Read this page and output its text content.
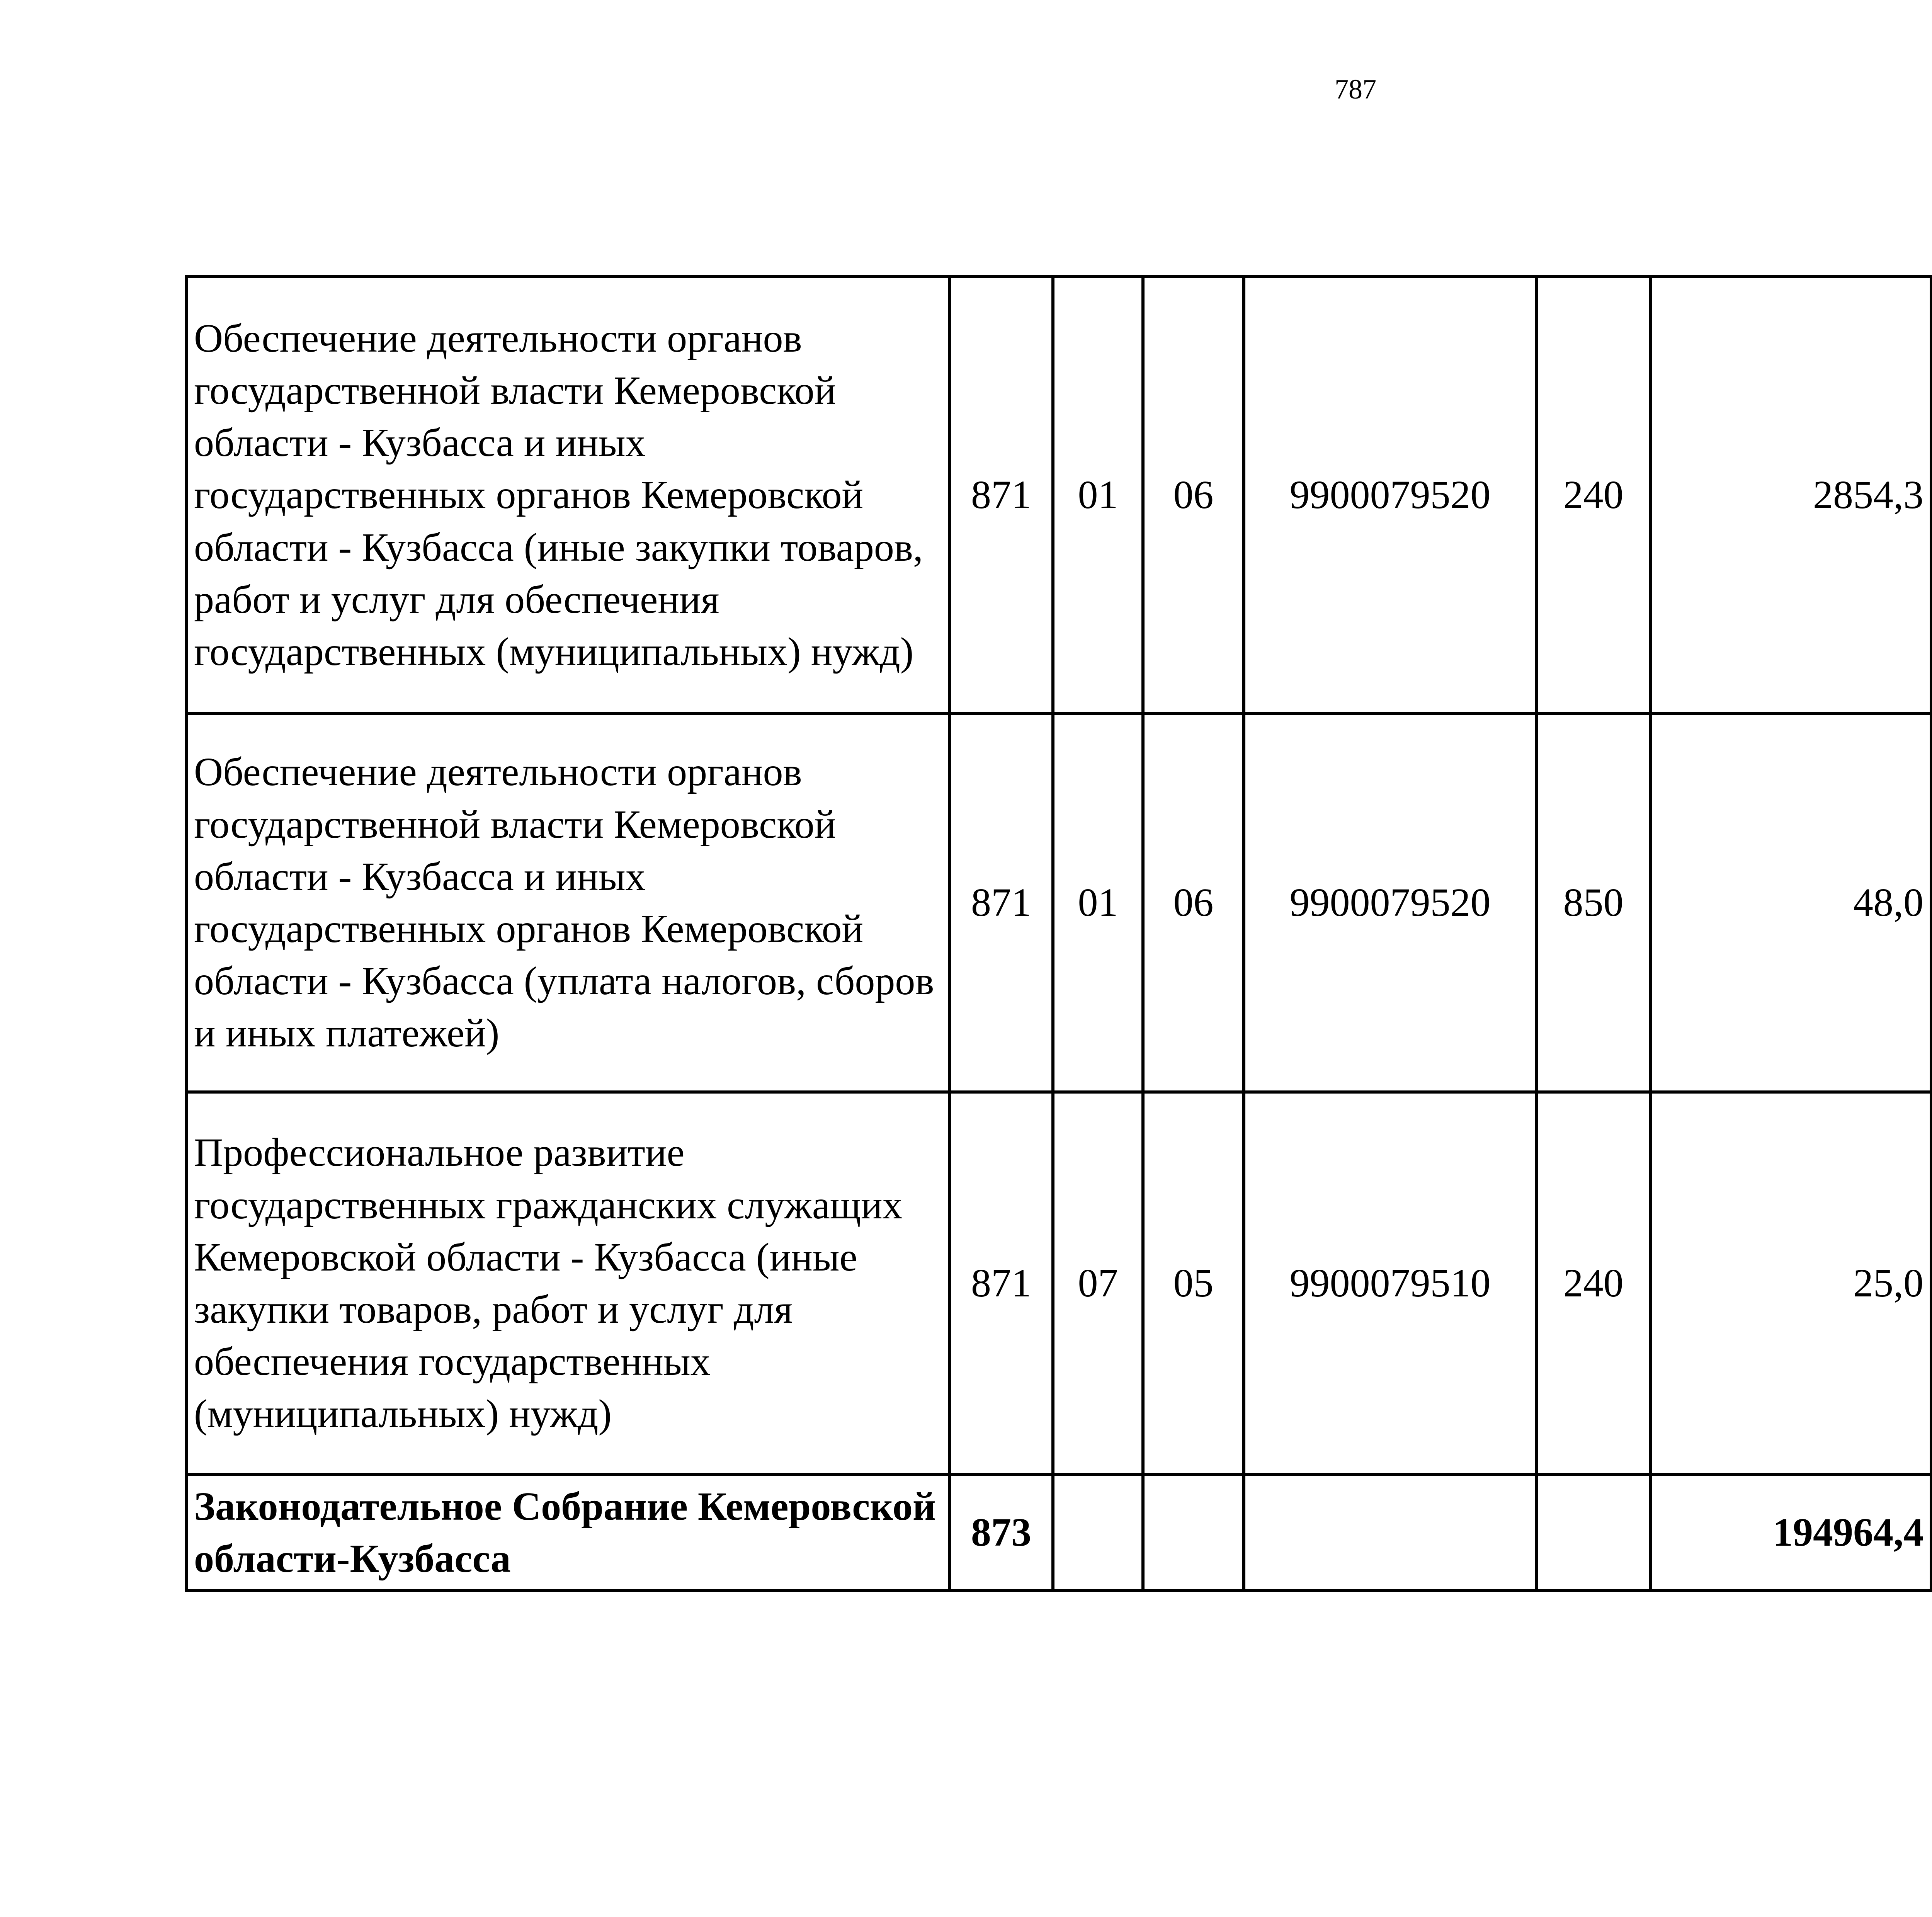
787
Обеспечение деятельности органов государственной власти Кемеровской области - Кузбасса и иных государственных органов Кемеровской области - Кузбасса (иные закупки товаров, работ и услуг для обеспечения государственных (муниципальных) нужд)	871	01	06	9900079520	240	2854,3		
Обеспечение деятельности органов государственной власти Кемеровской области - Кузбасса и иных государственных органов Кемеровской области - Кузбасса (уплата налогов, сборов и иных платежей)	871	01	06	9900079520	850	48,0		
Профессиональное развитие государственных гражданских служащих Кемеровской области - Кузбасса (иные закупки товаров, работ и услуг для обеспечения государственных (муниципальных) нужд)	871	07	05	9900079510	240	25,0		
Законодательное Собрание Кемеровской области-Кузбасса	873					194964,4		
